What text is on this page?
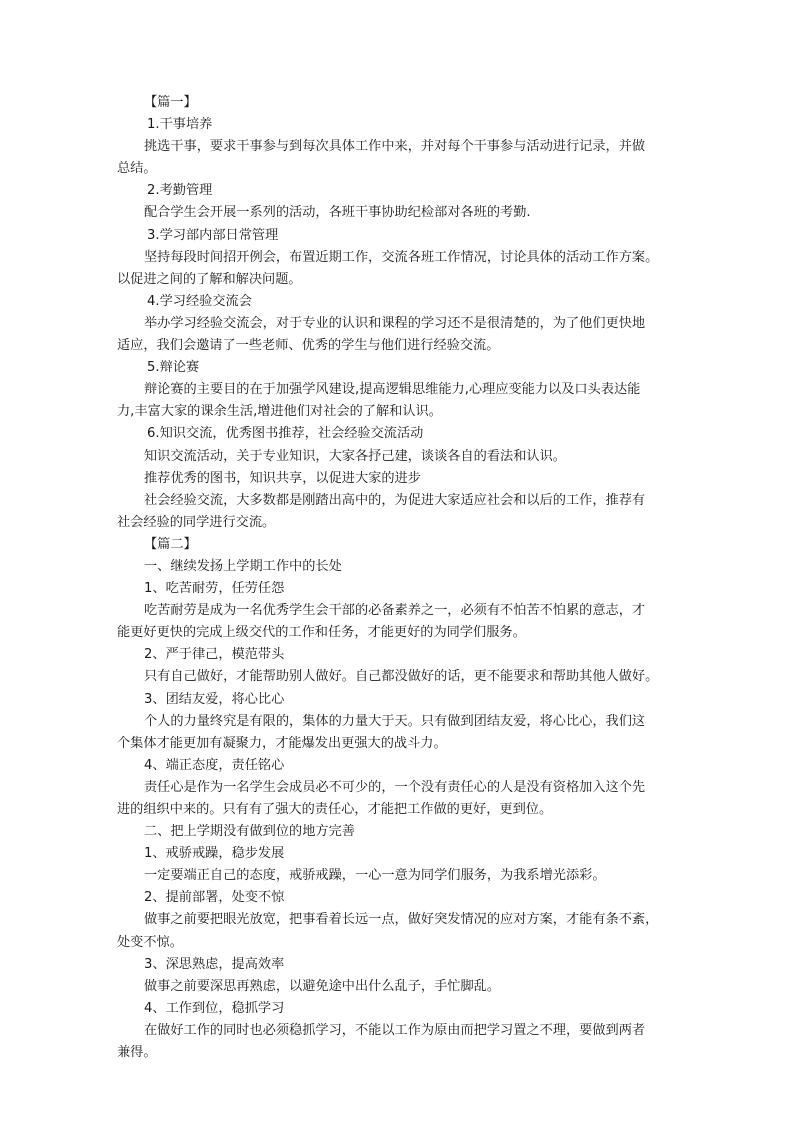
【篇一】
1.干事培养
挑选干事，要求干事参与到每次具体工作中来，并对每个干事参与活动进行记录，并做
总结。
2.考勤管理
配合学生会开展一系列的活动，各班干事协助纪检部对各班的考勤.
3.学习部内部日常管理
坚持每段时间招开例会，布置近期工作，交流各班工作情况，讨论具体的活动工作方案。
以促进之间的了解和解决问题。
4.学习经验交流会
举办学习经验交流会，对于专业的认识和课程的学习还不是很清楚的，为了他们更快地
适应，我们会邀请了一些老师、优秀的学生与他们进行经验交流。
5.辩论赛
辩论赛的主要目的在于加强学风建设,提高逻辑思维能力,心理应变能力以及口头表达能
力,丰富大家的课余生活,增进他们对社会的了解和认识。
6.知识交流，优秀图书推荐，社会经验交流活动
知识交流活动，关于专业知识，大家各抒己建，谈谈各自的看法和认识。
推荐优秀的图书，知识共享，以促进大家的进步
社会经验交流，大多数都是刚踏出高中的，为促进大家适应社会和以后的工作，推荐有
社会经验的同学进行交流。
【篇二】
一、继续发扬上学期工作中的长处
1、吃苦耐劳，任劳任怨
吃苦耐劳是成为一名优秀学生会干部的必备素养之一，必须有不怕苦不怕累的意志，才
能更好更快的完成上级交代的工作和任务，才能更好的为同学们服务。
2、严于律己，模范带头
只有自己做好，才能帮助别人做好。自己都没做好的话，更不能要求和帮助其他人做好。
3、团结友爱，将心比心
个人的力量终究是有限的，集体的力量大于天。只有做到团结友爱，将心比心，我们这
个集体才能更加有凝聚力，才能爆发出更强大的战斗力。
4、端正态度，责任铭心
责任心是作为一名学生会成员必不可少的，一个没有责任心的人是没有资格加入这个先
进的组织中来的。只有有了强大的责任心，才能把工作做的更好，更到位。
二、把上学期没有做到位的地方完善
1、戒骄戒躁，稳步发展
一定要端正自己的态度，戒骄戒躁，一心一意为同学们服务，为我系增光添彩。
2、提前部署，处变不惊
做事之前要把眼光放宽，把事看着长远一点，做好突发情况的应对方案，才能有条不紊，
处变不惊。
3、深思熟虑，提高效率
做事之前要深思再熟虑，以避免途中出什么乱子，手忙脚乱。
4、工作到位，稳抓学习
在做好工作的同时也必须稳抓学习，不能以工作为原由而把学习置之不理，要做到两者
兼得。
